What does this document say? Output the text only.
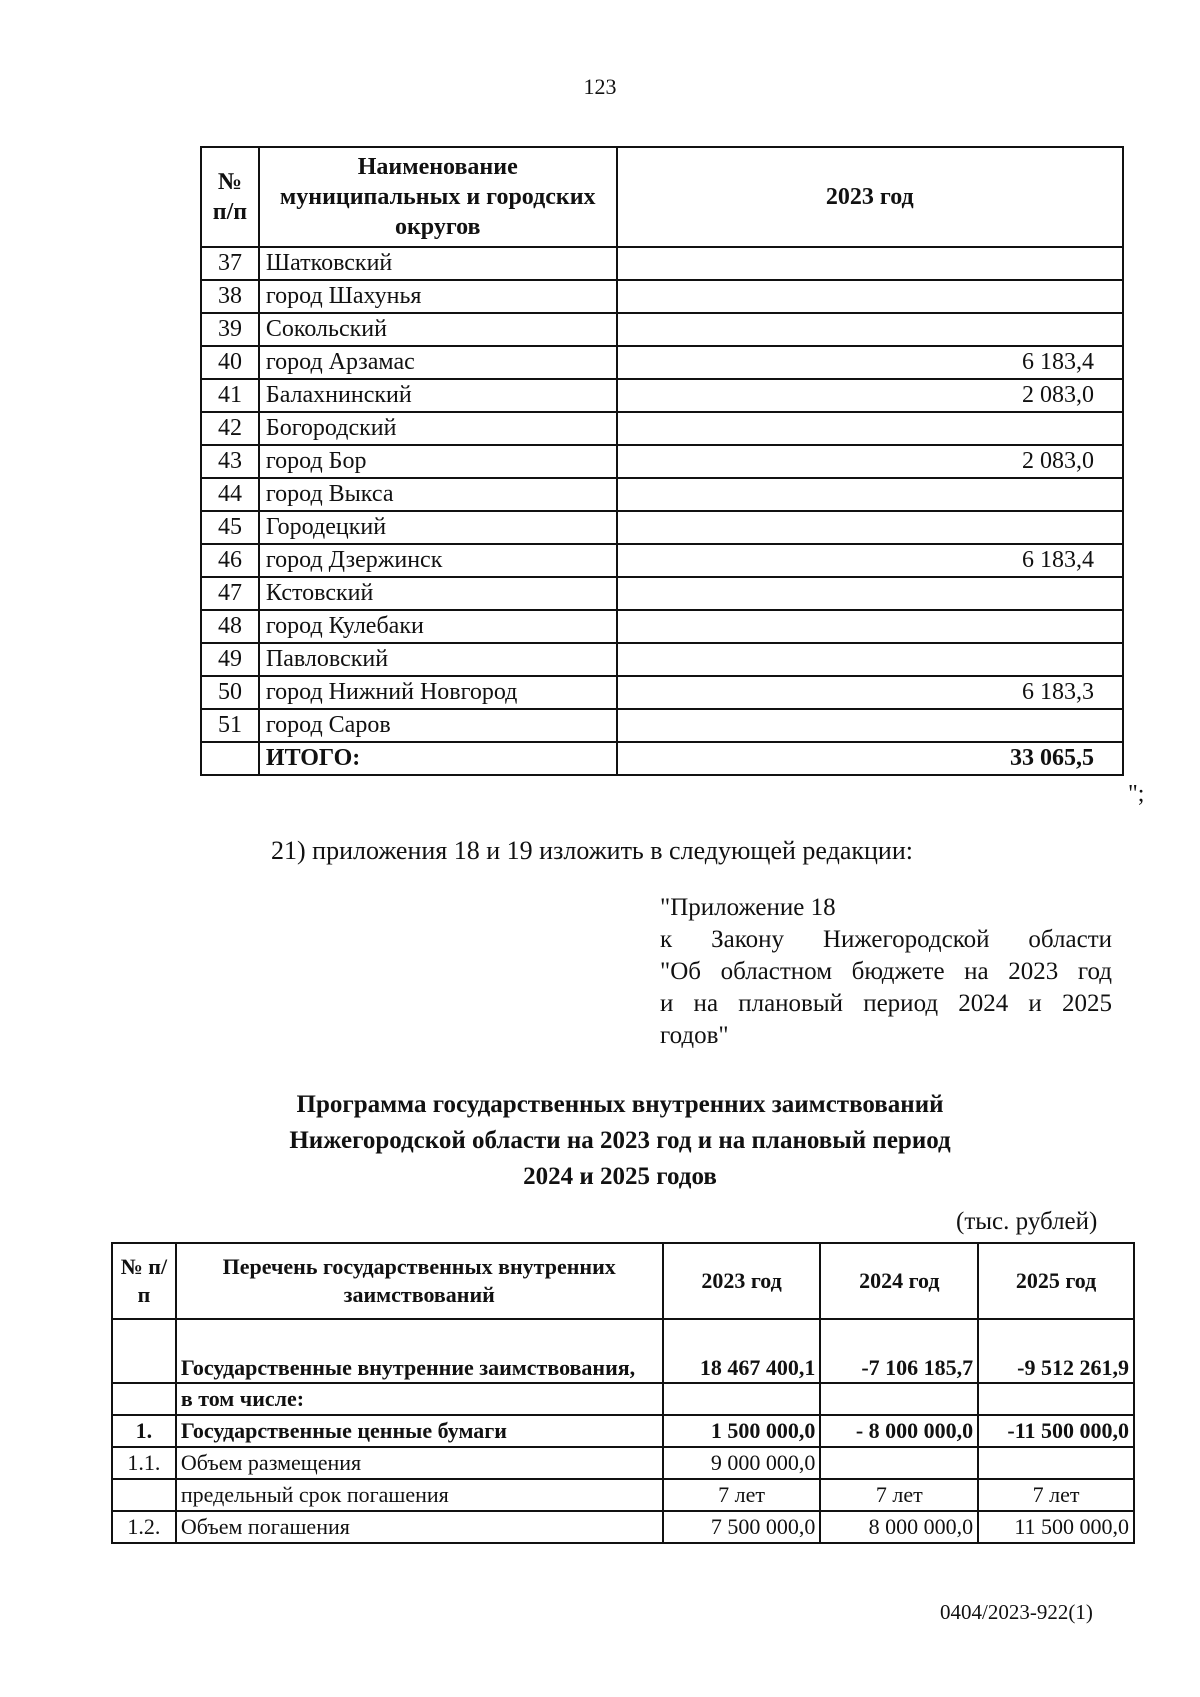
123
№ п/п	Наименование муниципальных и городских округов	2023 год
37	Шатковский	
38	город Шахунья	
39	Сокольский	
40	город Арзамас	6 183,4
41	Балахнинский	2 083,0
42	Богородский	
43	город Бор	2 083,0
44	город Выкса	
45	Городецкий	
46	город Дзержинск	6 183,4
47	Кстовский	
48	город Кулебаки	
49	Павловский	
50	город Нижний Новгород	6 183,3
51	город Саров	
	ИТОГО:	33 065,5
";
21) приложения 18 и 19 изложить в следующей редакции:
"Приложение 18
к Закону Нижегородской области
"Об областном бюджете на 2023 год
и на плановый период 2024 и 2025
годов"
Программа государственных внутренних заимствований
Нижегородской области на 2023 год и на плановый период
2024 и 2025 годов
(тыс. рублей)
№ п/п	Перечень государственных внутренних заимствований	2023 год	2024 год	2025 год
	Государственные внутренние заимствования,	18 467 400,1	-7 106 185,7	-9 512 261,9
	в том числе:			
1.	Государственные ценные бумаги	1 500 000,0	- 8 000 000,0	-11 500 000,0
1.1.	Объем размещения	9 000 000,0		
	предельный срок погашения	7 лет	7 лет	7 лет
1.2.	Объем погашения	7 500 000,0	8 000 000,0	11 500 000,0
0404/2023-922(1)
